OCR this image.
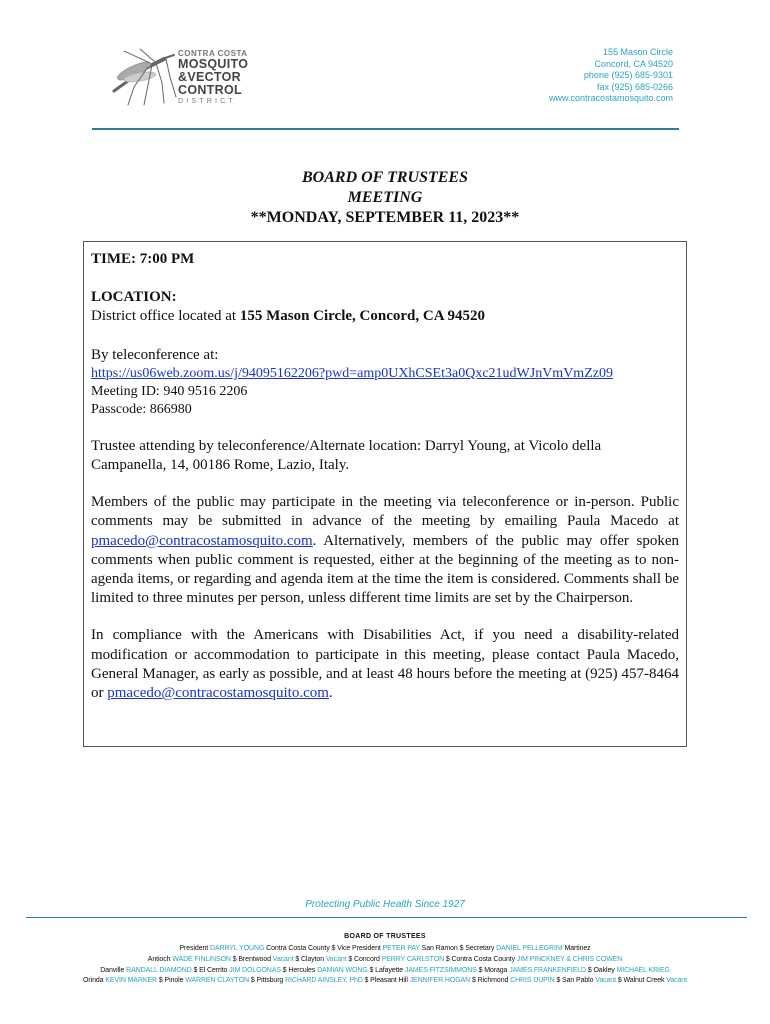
CONTRA COSTA
MOSQUITO
&VECTOR
CONTROL
DISTRICT
155 Mason Circle
Concord, CA 94520
phone (925) 685-9301
fax (925) 685-0266
www.contracostamosquito.com
BOARD OF TRUSTEES
MEETING
**MONDAY, SEPTEMBER 11, 2023**

TIME: 7:00 PM

LOCATION:

District office located at 155 Mason Circle, Concord, CA 94520

By teleconference at:

https://us06web.zoom.us/j/94095162206?pwd=amp0UXhCSEt3a0Qxc21udWJnVmVmZz09

Meeting ID: 940 9516 2206

Passcode: 866980

Trustee attending by teleconference/Alternate location: Darryl Young, at Vicolo della Campanella, 14, 00186 Rome, Lazio, Italy.

Members of the public may participate in the meeting via teleconference or in-person. Public comments may be submitted in advance of the meeting by emailing Paula Macedo at pmacedo@contracostamosquito.com. Alternatively, members of the public may offer spoken comments when public comment is requested, either at the beginning of the meeting as to non-agenda items, or regarding and agenda item at the time the item is considered. Comments shall be limited to three minutes per person, unless different time limits are set by the Chairperson.

In compliance with the Americans with Disabilities Act, if you need a disability-related modification or accommodation to participate in this meeting, please contact Paula Macedo, General Manager, as early as possible, and at least 48 hours before the meeting at (925) 457-8464 or pmacedo@contracostamosquito.com.

Protecting Public Health Since 1927
BOARD OF TRUSTEES
President DARRYL YOUNG Contra Costa County $ Vice President PETER PAY San Ramon $ Secretary DANIEL PELLEGRINI Martinez
Antioch WADE FINLINSON $ Brentwood Vacant $ Clayton Vacant $ Concord PERRY CARLSTON $ Contra Costa County JIM PINCKNEY & CHRIS COWEN
Danville RANDALL DIAMOND $ El Cerrito JIM DOLGONAS $ Hercules DAMIAN WONG $ Lafayette JAMES FITZSIMMONS $ Moraga JAMES FRANKENFIELD $ Oakley MICHAEL KRIEG
Orinda KEVIN MARKER $ Pinole WARREN CLAYTON $ Pittsburg RICHARD AINSLEY, PhD $ Pleasant Hill JENNIFER HOGAN $ Richmond CHRIS DUPIN $ San Pablo Vacant $ Walnut Creek Vacant
